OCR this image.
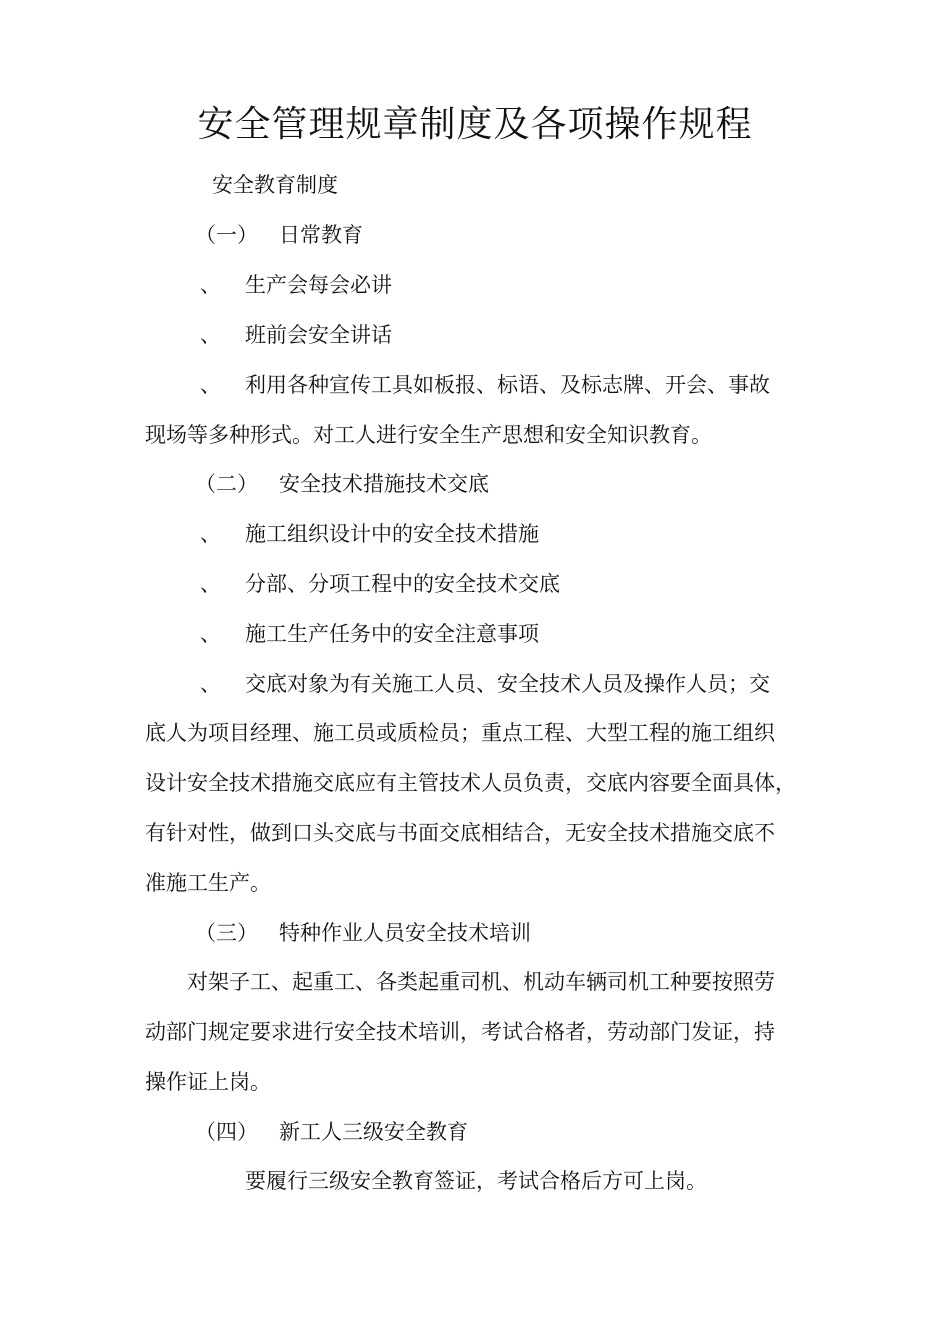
安全管理规章制度及各项操作规程

安全教育制度

（一） 日常教育

、 生产会每会必讲

、 班前会安全讲话

、 利用各种宣传工具如板报、标语、及标志牌、开会、事故

现场等多种形式。对工人进行安全生产思想和安全知识教育。

（二） 安全技术措施技术交底

、 施工组织设计中的安全技术措施

、 分部、分项工程中的安全技术交底

、 施工生产任务中的安全注意事项

、 交底对象为有关施工人员、安全技术人员及操作人员；交

底人为项目经理、施工员或质检员；重点工程、大型工程的施工组织

设计安全技术措施交底应有主管技术人员负责，交底内容要全面具体，

有针对性，做到口头交底与书面交底相结合，无安全技术措施交底不

准施工生产。

（三） 特种作业人员安全技术培训

对架子工、起重工、各类起重司机、机动车辆司机工种要按照劳

动部门规定要求进行安全技术培训，考试合格者，劳动部门发证，持

操作证上岗。

（四） 新工人三级安全教育

要履行三级安全教育签证，考试合格后方可上岗。
